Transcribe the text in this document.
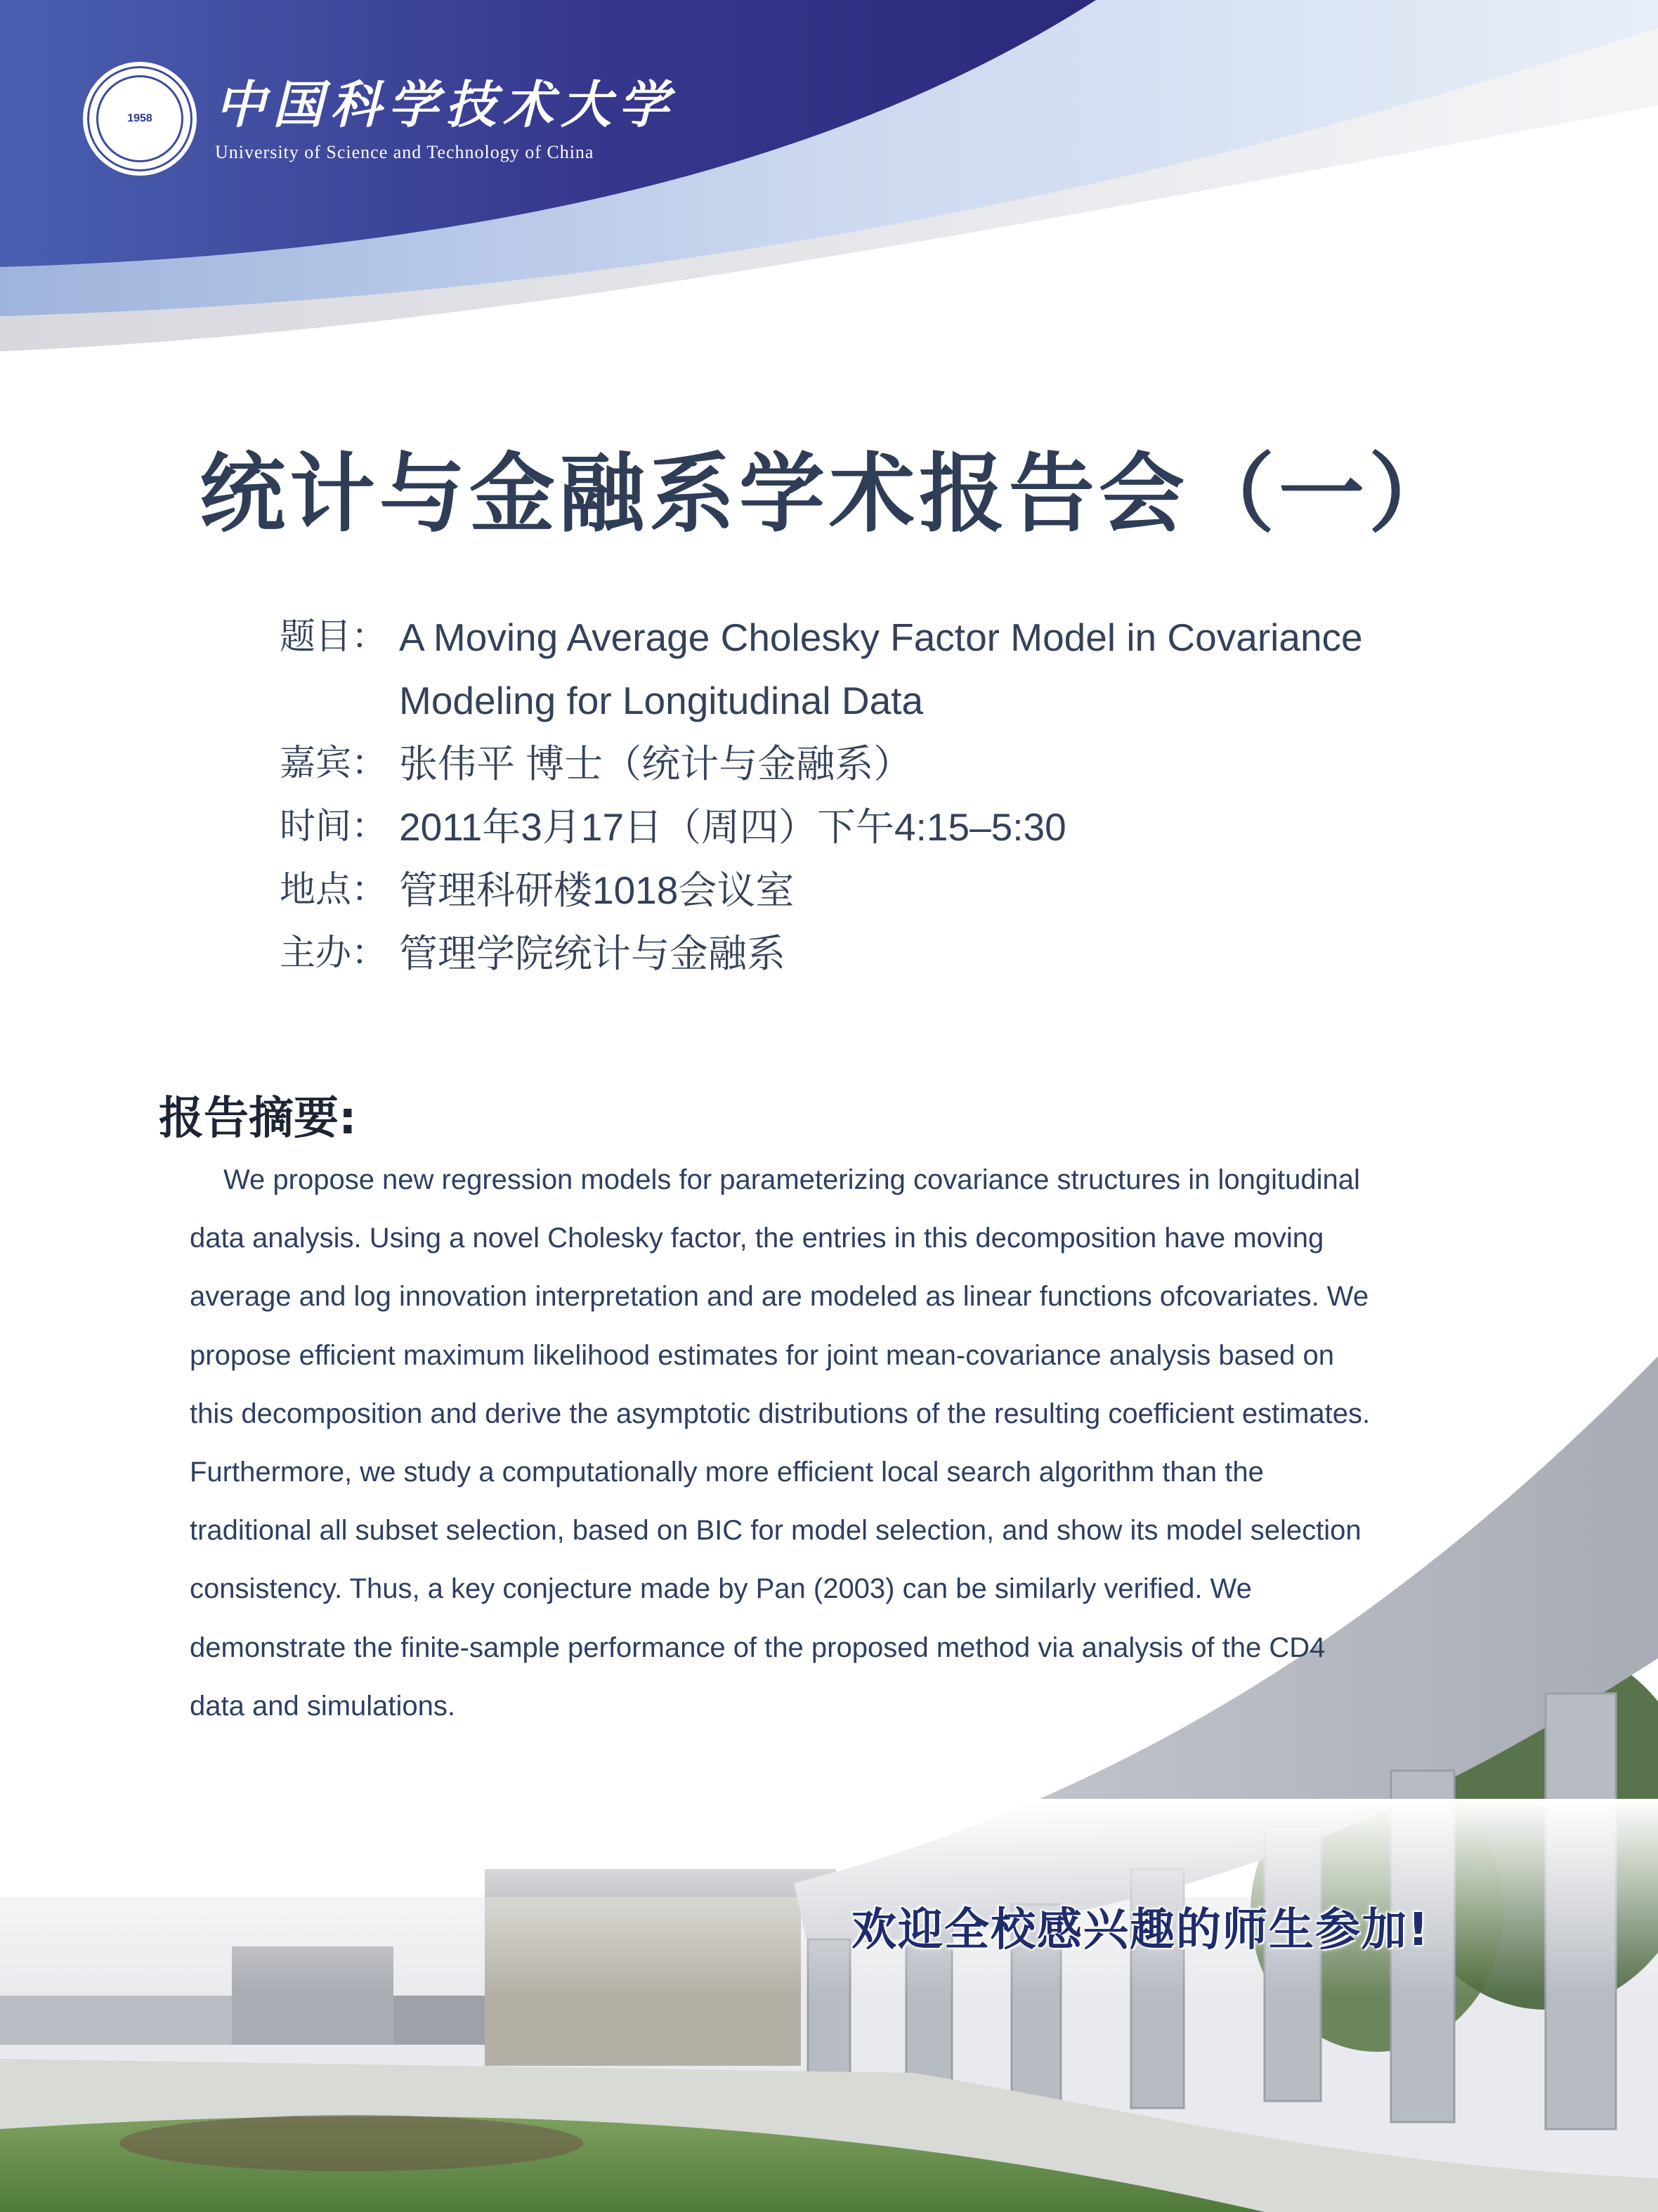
1958 中国科学技术大学
University of Science and Technology of China
统计与金融系学术报告会（一）
题目： A Moving Average Cholesky Factor Model in Covariance
Modeling for Longitudinal Data
嘉宾： 张伟平 博士（统计与金融系）
时间： 2011年3月17日（周四）下午4:15–5:30
地点： 管理科研楼1018会议室
主办： 管理学院统计与金融系
报告摘要:
We propose new regression models for parameterizing covariance structures in longitudinal
data analysis. Using a novel Cholesky factor, the entries in this decomposition have moving
average and log innovation interpretation and are modeled as linear functions ofcovariates. We
propose efficient maximum likelihood estimates for joint mean-covariance analysis based on
this decomposition and derive the asymptotic distributions of the resulting coefficient estimates.
Furthermore, we study a computationally more efficient local search algorithm than the
traditional all subset selection, based on BIC for model selection, and show its model selection
consistency. Thus, a key conjecture made by Pan (2003) can be similarly verified. We
demonstrate the finite-sample performance of the proposed method via analysis of the CD4
data and simulations.
欢迎全校感兴趣的师生参加!
